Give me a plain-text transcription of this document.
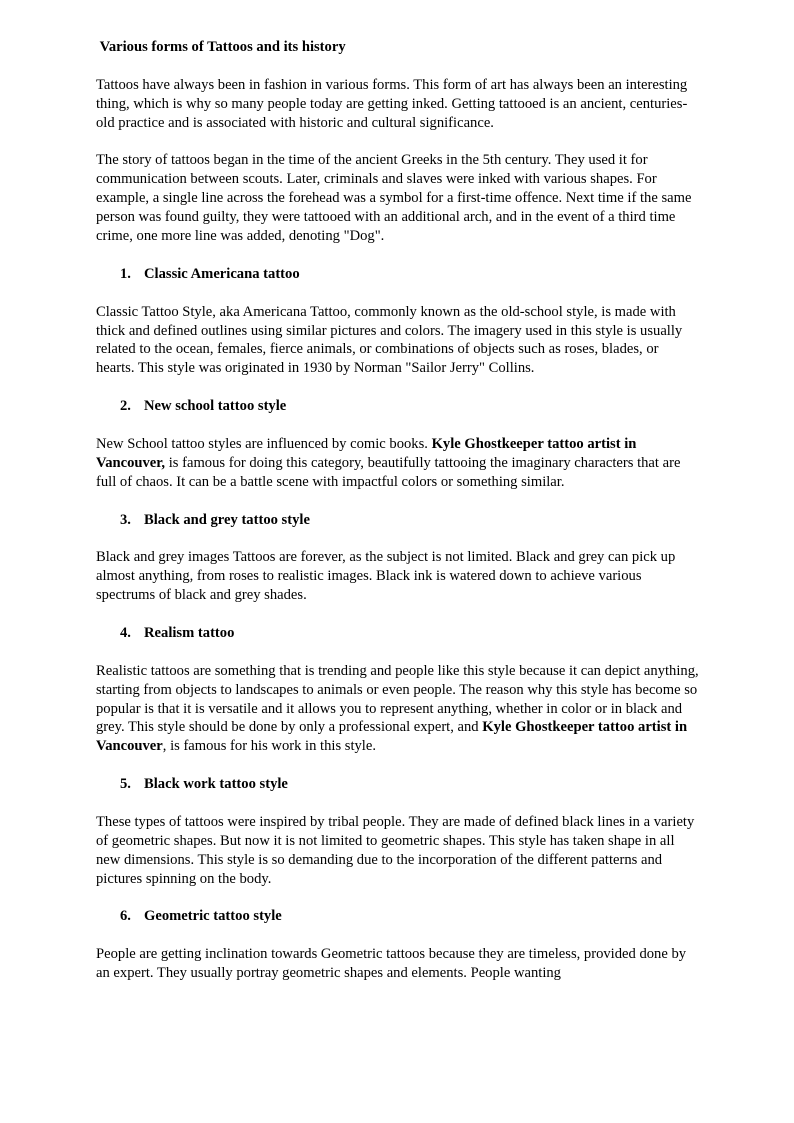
Various forms of Tattoos and its history

Tattoos have always been in fashion in various forms. This form of art has always been an interesting thing, which is why so many people today are getting inked. Getting tattooed is an ancient, centuries-old practice and is associated with historic and cultural significance.

The story of tattoos began in the time of the ancient Greeks in the 5th century. They used it for communication between scouts. Later, criminals and slaves were inked with various shapes. For example, a single line across the forehead was a symbol for a first-time offence. Next time if the same person was found guilty, they were tattooed with an additional arch, and in the event of a third time crime, one more line was added, denoting "Dog".

1. Classic Americana tattoo

Classic Tattoo Style, aka Americana Tattoo, commonly known as the old-school style, is made with thick and defined outlines using similar pictures and colors. The imagery used in this style is usually related to the ocean, females, fierce animals, or combinations of objects such as roses, blades, or hearts. This style was originated in 1930 by Norman "Sailor Jerry" Collins.

2. New school tattoo style

New School tattoo styles are influenced by comic books. Kyle Ghostkeeper tattoo artist in Vancouver, is famous for doing this category, beautifully tattooing the imaginary characters that are full of chaos. It can be a battle scene with impactful colors or something similar.

3. Black and grey tattoo style

Black and grey images Tattoos are forever, as the subject is not limited. Black and grey can pick up almost anything, from roses to realistic images. Black ink is watered down to achieve various spectrums of black and grey shades.

4. Realism tattoo

Realistic tattoos are something that is trending and people like this style because it can depict anything, starting from objects to landscapes to animals or even people. The reason why this style has become so popular is that it is versatile and it allows you to represent anything, whether in color or in black and grey. This style should be done by only a professional expert, and Kyle Ghostkeeper tattoo artist in Vancouver, is famous for his work in this style.

5. Black work tattoo style

These types of tattoos were inspired by tribal people. They are made of defined black lines in a variety of geometric shapes. But now it is not limited to geometric shapes. This style has taken shape in all new dimensions. This style is so demanding due to the incorporation of the different patterns and pictures spinning on the body.

6. Geometric tattoo style

People are getting inclination towards Geometric tattoos because they are timeless, provided done by an expert. They usually portray geometric shapes and elements. People wanting
